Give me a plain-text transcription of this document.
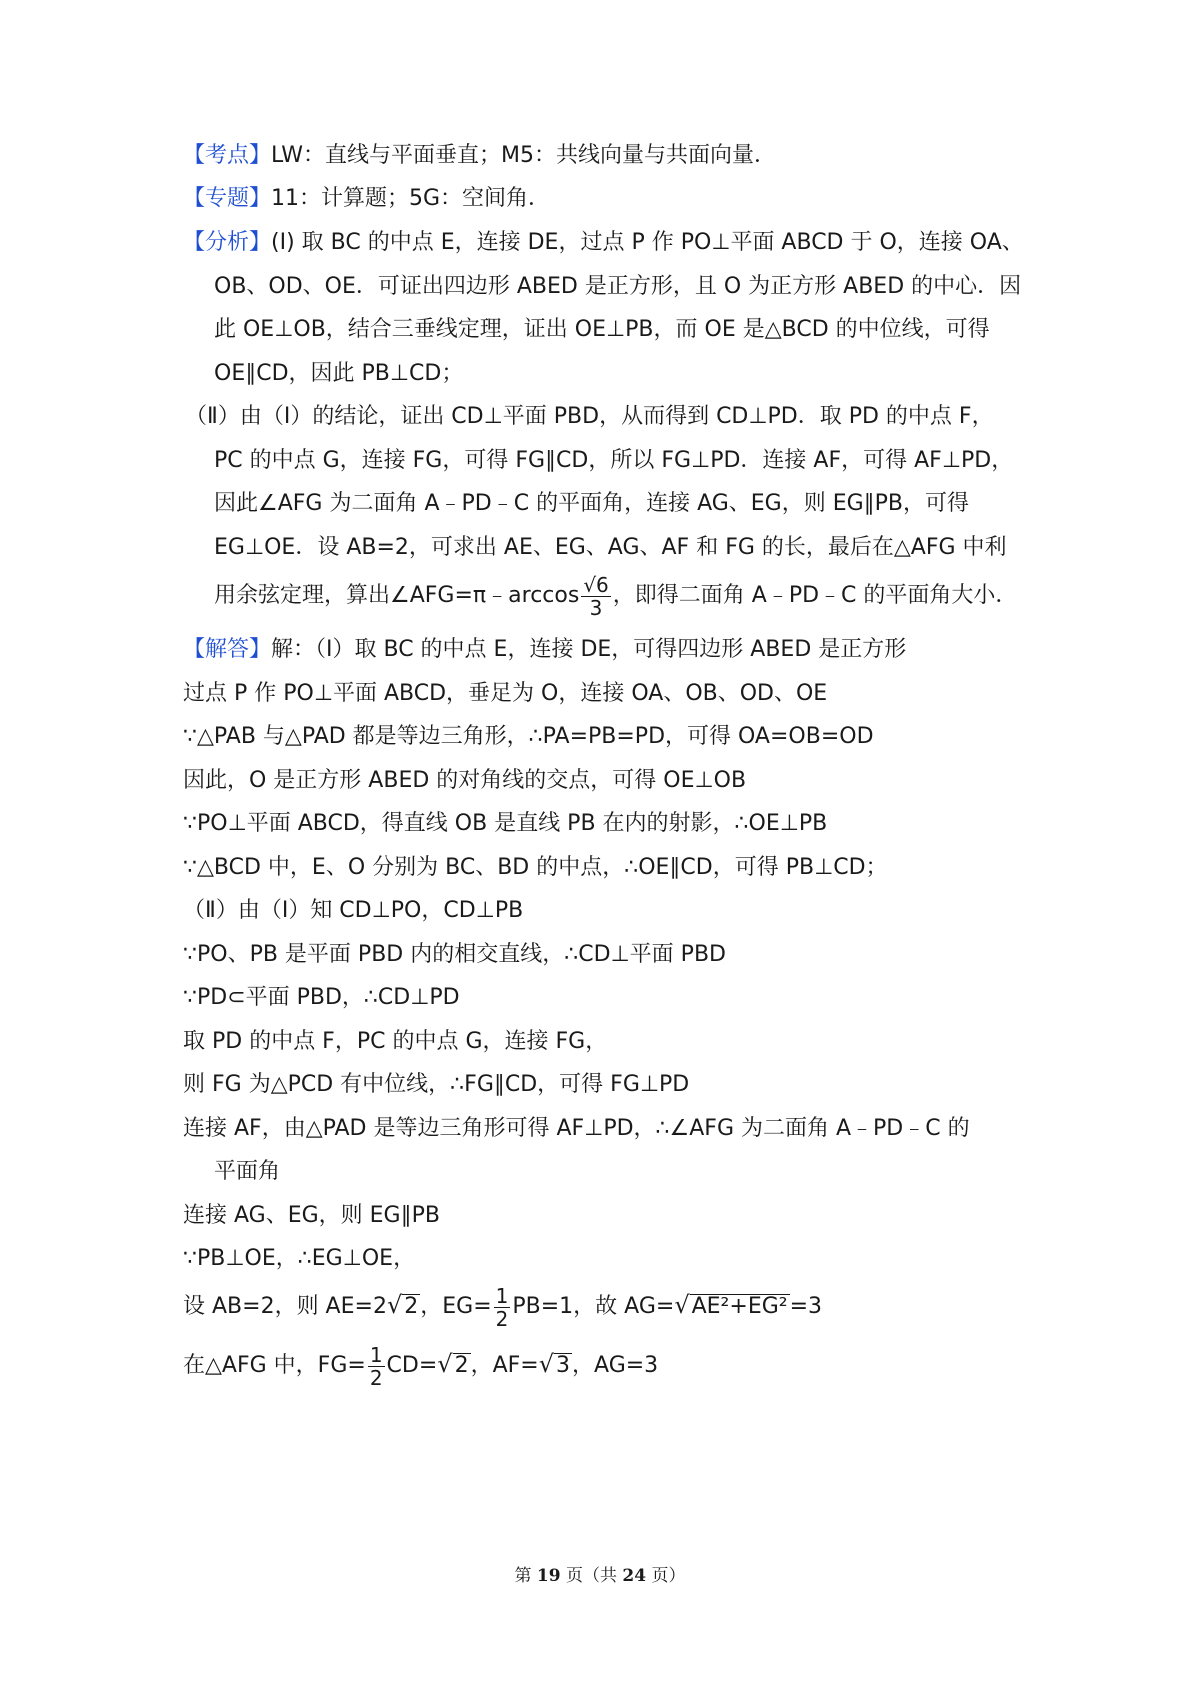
【考点】LW：直线与平面垂直；M5：共线向量与共面向量．
【专题】11：计算题；5G：空间角．
【分析】(Ⅰ) 取 BC 的中点 E，连接 DE，过点 P 作 PO⊥平面 ABCD 于 O，连接 OA、
OB、OD、OE．可证出四边形 ABED 是正方形，且 O 为正方形 ABED 的中心．因
此 OE⊥OB，结合三垂线定理，证出 OE⊥PB，而 OE 是△BCD 的中位线，可得
OE∥CD，因此 PB⊥CD；
（Ⅱ）由（Ⅰ）的结论，证出 CD⊥平面 PBD，从而得到 CD⊥PD．取 PD 的中点 F，
PC 的中点 G，连接 FG，可得 FG∥CD，所以 FG⊥PD．连接 AF，可得 AF⊥PD，
因此∠AFG 为二面角 A﹣PD﹣C 的平面角，连接 AG、EG，则 EG∥PB，可得
EG⊥OE．设 AB=2，可求出 AE、EG、AG、AF 和 FG 的长，最后在△AFG 中利
用余弦定理，算出∠AFG=π﹣arccos $\frac{√6}{3}$ ，即得二面角 A﹣PD﹣C 的平面角大小．
【解答】解：（Ⅰ）取 BC 的中点 E，连接 DE，可得四边形 ABED 是正方形
过点 P 作 PO⊥平面 ABCD，垂足为 O，连接 OA、OB、OD、OE
∵△PAB 与△PAD 都是等边三角形，∴PA=PB=PD，可得 OA=OB=OD
因此，O 是正方形 ABED 的对角线的交点，可得 OE⊥OB
∵PO⊥平面 ABCD，得直线 OB 是直线 PB 在内的射影，∴OE⊥PB
∵△BCD 中，E、O 分别为 BC、BD 的中点，∴OE∥CD，可得 PB⊥CD；
（Ⅱ）由（Ⅰ）知 CD⊥PO，CD⊥PB
∵PO、PB 是平面 PBD 内的相交直线，∴CD⊥平面 PBD
∵PD⊂平面 PBD，∴CD⊥PD
取 PD 的中点 F，PC 的中点 G，连接 FG，
则 FG 为△PCD 有中位线，∴FG∥CD，可得 FG⊥PD
连接 AF，由△PAD 是等边三角形可得 AF⊥PD，∴∠AFG 为二面角 A﹣PD﹣C 的
平面角
连接 AG、EG，则 EG∥PB
∵PB⊥OE，∴EG⊥OE，
设 AB=2，则 AE=2√2，$EG= \frac{1}{2} PB=1$，故 AG=√AE²+EG²=3
在△AFG 中，$FG= \frac{1}{2} CD=√2$，AF=√3，AG=3
第 19 页（共 24 页）
